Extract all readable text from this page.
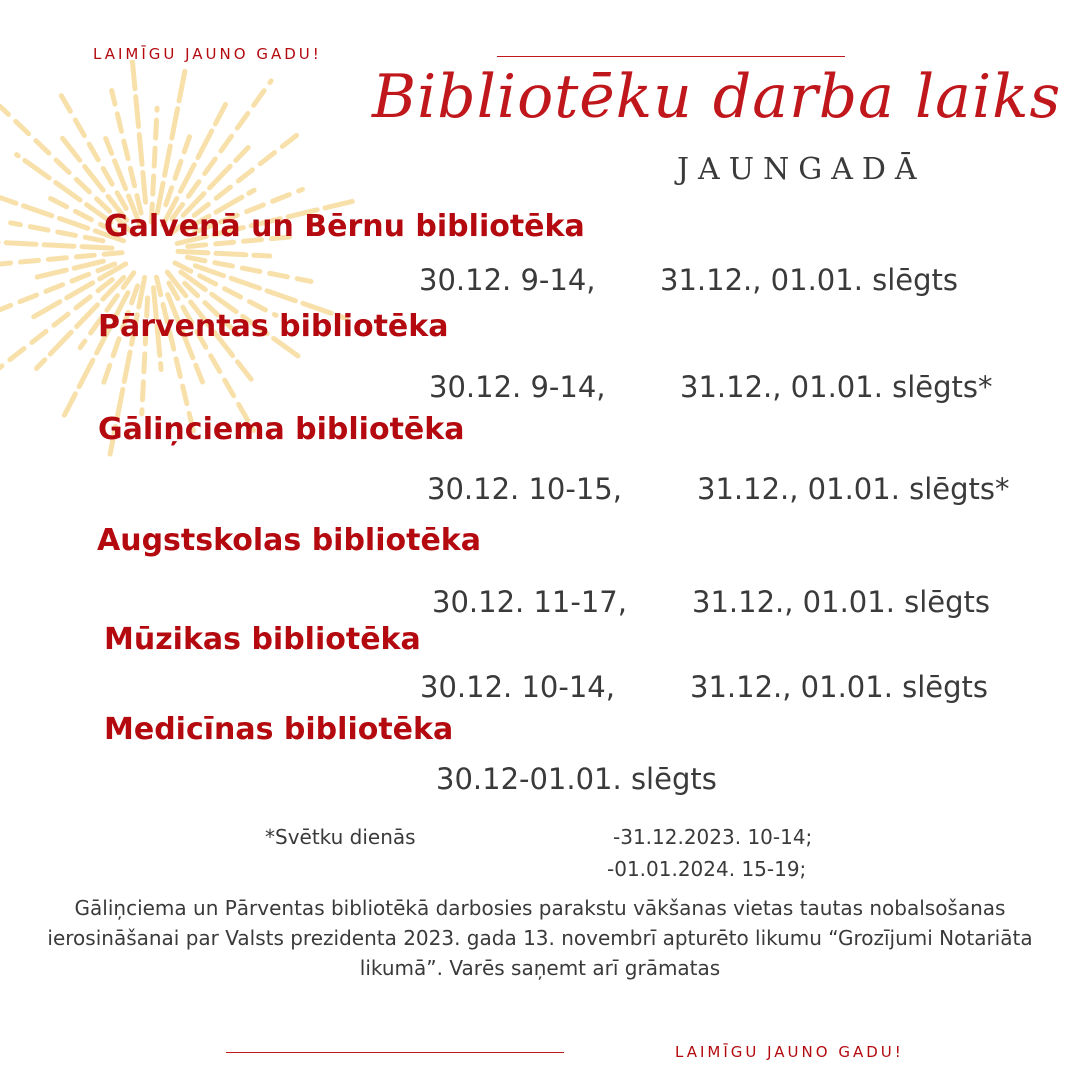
LAIMĪGU JAUNO GADU!
Bibliotēku darba laiks
JAUNGADĀ
Galvenā un Bērnu bibliotēka
30.12. 9-14, 31.12., 01.01. slēgts
Pārventas bibliotēka
30.12. 9-14,	31.12., 01.01. slēgts*
Gāliņciema bibliotēka
30.12. 10-15,	31.12., 01.01. slēgts*
Augstskolas bibliotēka
30.12. 11-17, 31.12., 01.01. slēgts
Mūzikas bibliotēka
30.12. 10-14,	31.12., 01.01. slēgts
Medicīnas bibliotēka
30.12-01.01. slēgts
*Svētku dienās	-31.12.2023. 10-14;
-01.01.2024. 15-19;
Gāliņciema un Pārventas bibliotēkā darbosies parakstu vākšanas vietas tautas nobalsošanas ierosināšanai par Valsts prezidenta 2023. gada 13. novembrī apturēto likumu “Grozījumi Notariāta likumā”. Varēs saņemt arī grāmatas
LAIMĪGU JAUNO GADU!
